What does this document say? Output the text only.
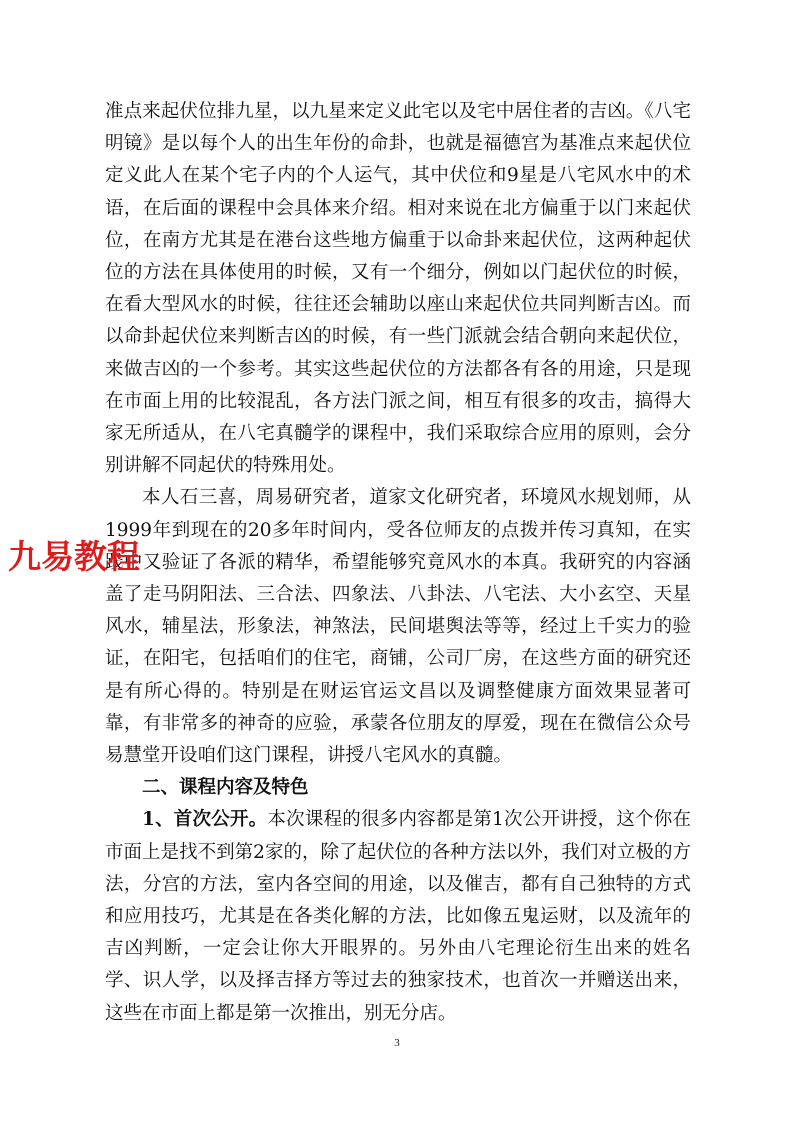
准点来起伏位排九星，以九星来定义此宅以及宅中居住者的吉凶。《八宅明镜》是以每个人的出生年份的命卦，也就是福德宫为基准点来起伏位定义此人在某个宅子内的个人运气，其中伏位和9星是八宅风水中的术语，在后面的课程中会具体来介绍。相对来说在北方偏重于以门来起伏位，在南方尤其是在港台这些地方偏重于以命卦来起伏位，这两种起伏位的方法在具体使用的时候，又有一个细分，例如以门起伏位的时候，在看大型风水的时候，往往还会辅助以座山来起伏位共同判断吉凶。而以命卦起伏位来判断吉凶的时候，有一些门派就会结合朝向来起伏位，来做吉凶的一个参考。其实这些起伏位的方法都各有各的用途，只是现在市面上用的比较混乱，各方法门派之间，相互有很多的攻击，搞得大家无所适从，在八宅真髓学的课程中，我们采取综合应用的原则，会分别讲解不同起伏的特殊用处。

本人石三喜，周易研究者，道家文化研究者，环境风水规划师，从1999年到现在的20多年时间内，受各位师友的点拨并传习真知，在实践中又验证了各派的精华，希望能够究竟风水的本真。我研究的内容涵盖了走马阴阳法、三合法、四象法、八卦法、八宅法、大小玄空、天星风水，辅星法，形象法，神煞法，民间堪舆法等等，经过上千实力的验证，在阳宅，包括咱们的住宅，商铺，公司厂房，在这些方面的研究还是有所心得的。特别是在财运官运文昌以及调整健康方面效果显著可靠，有非常多的神奇的应验，承蒙各位朋友的厚爱，现在在微信公众号易慧堂开设咱们这门课程，讲授八宅风水的真髓。

二、课程内容及特色

1、首次公开。本次课程的很多内容都是第1次公开讲授，这个你在市面上是找不到第2家的，除了起伏位的各种方法以外，我们对立极的方法，分宫的方法，室内各空间的用途，以及催吉，都有自己独特的方式和应用技巧，尤其是在各类化解的方法，比如像五鬼运财，以及流年的吉凶判断，一定会让你大开眼界的。另外由八宅理论衍生出来的姓名学、识人学，以及择吉择方等过去的独家技术，也首次一并赠送出来，这些在市面上都是第一次推出，别无分店。

九易教程
3
